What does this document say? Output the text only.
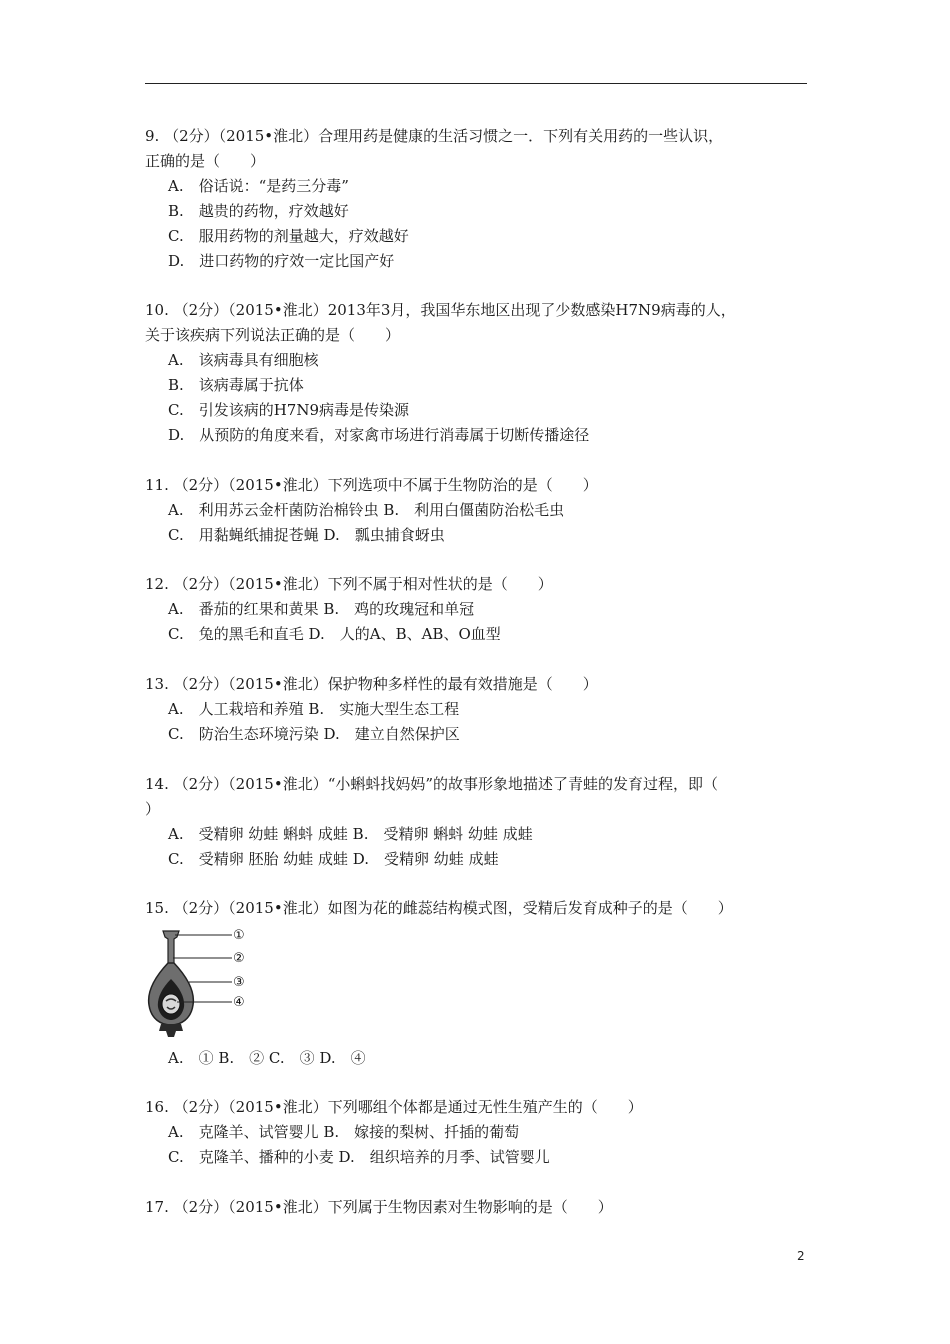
9. （2分）（2015•淮北）合理用药是健康的生活习惯之一．下列有关用药的一些认识，
正确的是（　　）
A.　俗话说：“是药三分毒”
B.　越贵的药物，疗效越好
C.　服用药物的剂量越大，疗效越好
D.　进口药物的疗效一定比国产好
10. （2分）（2015•淮北）2013年3月，我国华东地区出现了少数感染H7N9病毒的人，
关于该疾病下列说法正确的是（　　）
A.　该病毒具有细胞核
B.　该病毒属于抗体
C.　引发该病的H7N9病毒是传染源
D.　从预防的角度来看，对家禽市场进行消毒属于切断传播途径
11. （2分）（2015•淮北）下列选项中不属于生物防治的是（　　）
A.　利用苏云金杆菌防治棉铃虫 B.　利用白僵菌防治松毛虫
C.　用黏蝇纸捕捉苍蝇 D.　瓢虫捕食蚜虫
12. （2分）（2015•淮北）下列不属于相对性状的是（　　）
A.　番茄的红果和黄果 B.　鸡的玫瑰冠和单冠
C.　兔的黑毛和直毛 D.　人的A、B、AB、O血型
13. （2分）（2015•淮北）保护物种多样性的最有效措施是（　　）
A.　人工栽培和养殖 B.　实施大型生态工程
C.　防治生态环境污染 D.　建立自然保护区
14. （2分）（2015•淮北）“小蝌蚪找妈妈”的故事形象地描述了青蛙的发育过程，即（
）
A.　受精卵 幼蛙 蝌蚪 成蛙 B.　受精卵 蝌蚪 幼蛙 成蛙
C.　受精卵 胚胎 幼蛙 成蛙 D.　受精卵 幼蛙 成蛙
15. （2分）（2015•淮北）如图为花的雌蕊结构模式图，受精后发育成种子的是（　　）
①
②
③
④
A.　① B.　② C.　③ D.　④
16. （2分）（2015•淮北）下列哪组个体都是通过无性生殖产生的（　　）
A.　克隆羊、试管婴儿 B.　嫁接的梨树、扦插的葡萄
C.　克隆羊、播种的小麦 D.　组织培养的月季、试管婴儿
17. （2分）（2015•淮北）下列属于生物因素对生物影响的是（　　）
2
